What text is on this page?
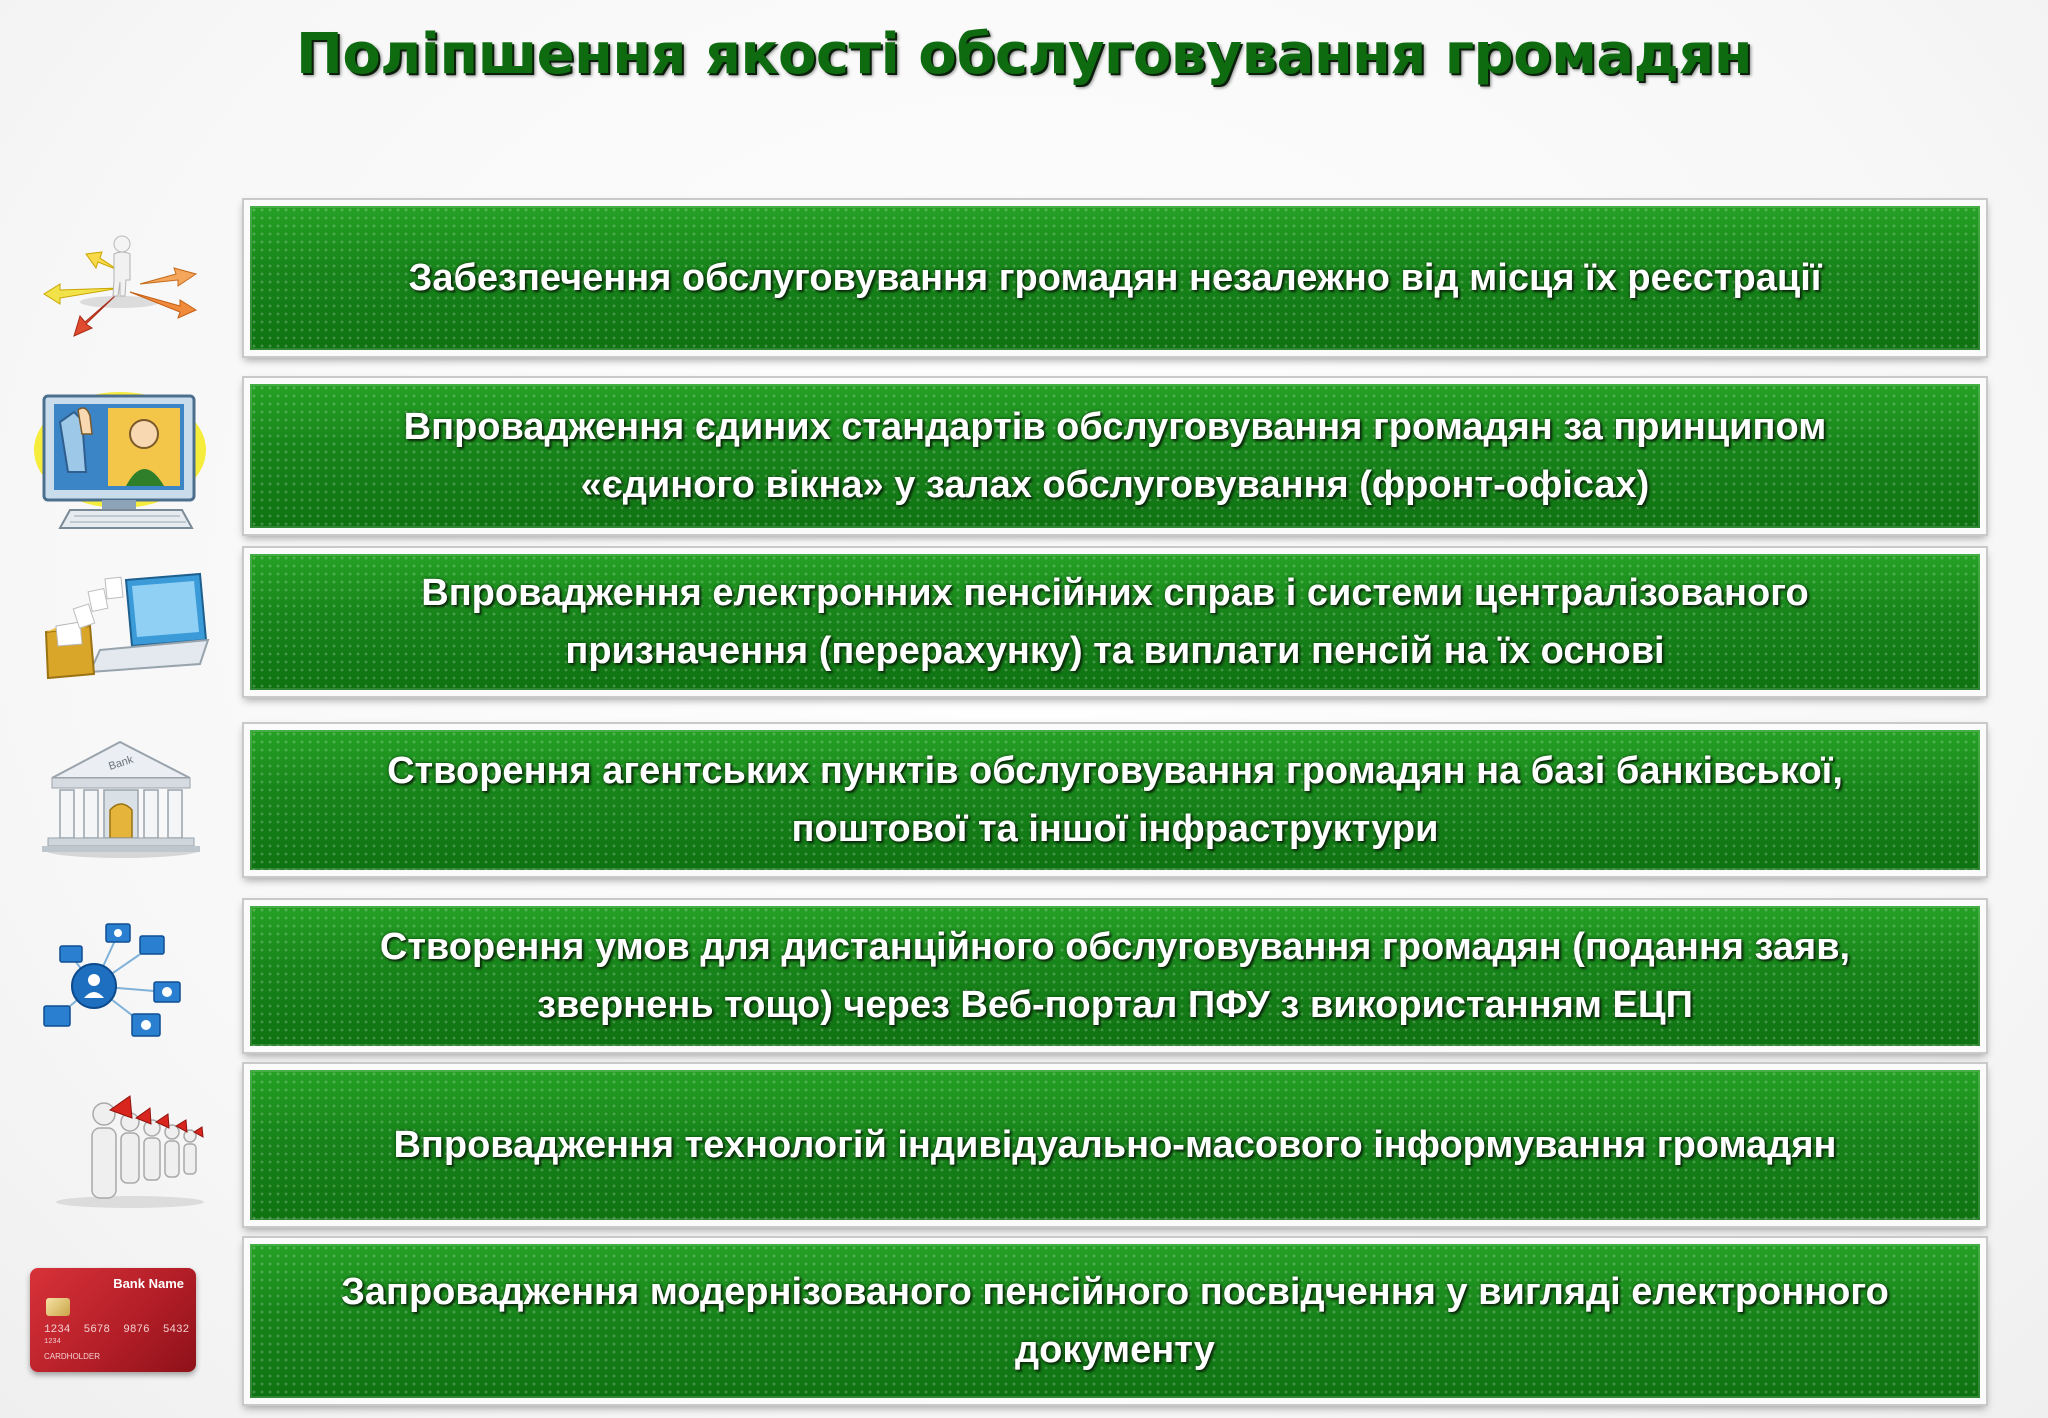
Поліпшення якості обслуговування громадян
Забезпечення обслуговування громадян незалежно від місця їх реєстрації
Впровадження єдиних стандартів обслуговування громадян за принципом
«єдиного вікна» у залах обслуговування (фронт-офісах)
Впровадження електронних пенсійних справ і системи централізованого
призначення (перерахунку) та виплати пенсій на їх основі
Bank	Створення агентських пунктів обслуговування громадян на базі банківської,
поштової та іншої інфраструктури
Створення умов для дистанційного обслуговування громадян (подання заяв,
звернень тощо) через Веб-портал ПФУ з використанням ЕЦП
Впровадження технологій індивідуально-масового інформування громадян
Bank Name
1234  5678  9876  5432
1234
CARDHOLDER
Запровадження модернізованого пенсійного посвідчення у вигляді електронного
документу
